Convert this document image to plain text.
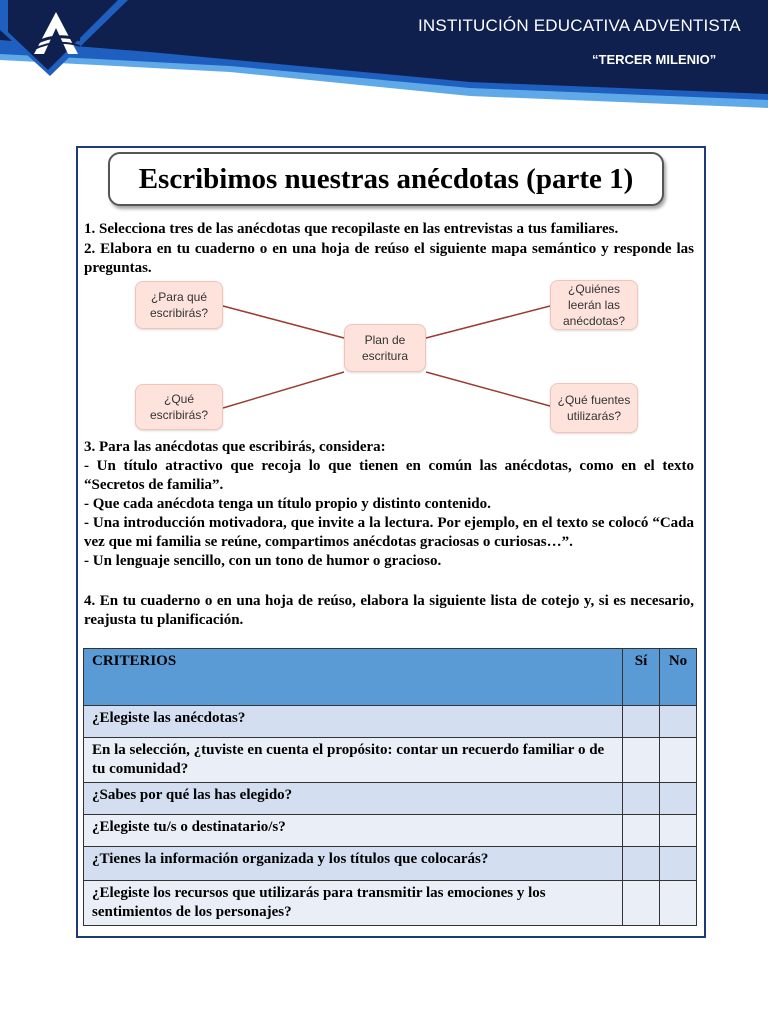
INSTITUCIÓN EDUCATIVA ADVENTISTA
“TERCER MILENIO”
Escribimos nuestras anécdotas (parte 1)
1. Selecciona tres de las anécdotas que recopilaste en las entrevistas a tus familiares.
2. Elabora en tu cuaderno o en una hoja de reúso el siguiente mapa semántico y responde las preguntas.
Plan de escritura
¿Para qué escribirás?
¿Quiénes leerán las anécdotas?
¿Qué escribirás?
¿Qué fuentes utilizarás?
3. Para las anécdotas que escribirás, considera:
- Un título atractivo que recoja lo que tienen en común las anécdotas, como en el texto “Secretos de familia”.
- Que cada anécdota tenga un título propio y distinto contenido.
- Una introducción motivadora, que invite a la lectura. Por ejemplo, en el texto se colocó “Cada vez que mi familia se reúne, compartimos anécdotas graciosas o curiosas…”.
- Un lenguaje sencillo, con un tono de humor o gracioso.
4. En tu cuaderno o en una hoja de reúso, elabora la siguiente lista de cotejo y, si es necesario, reajusta tu planificación.
CRITERIOS	Sí	No
¿Elegiste las anécdotas?		
En la selección, ¿tuviste en cuenta el propósito: contar un recuerdo familiar o de tu comunidad?		
¿Sabes por qué las has elegido?		
¿Elegiste tu/s o destinatario/s?		
¿Tienes la información organizada y los títulos que colocarás?		
¿Elegiste los recursos que utilizarás para transmitir las emociones y los sentimientos de los personajes?		
